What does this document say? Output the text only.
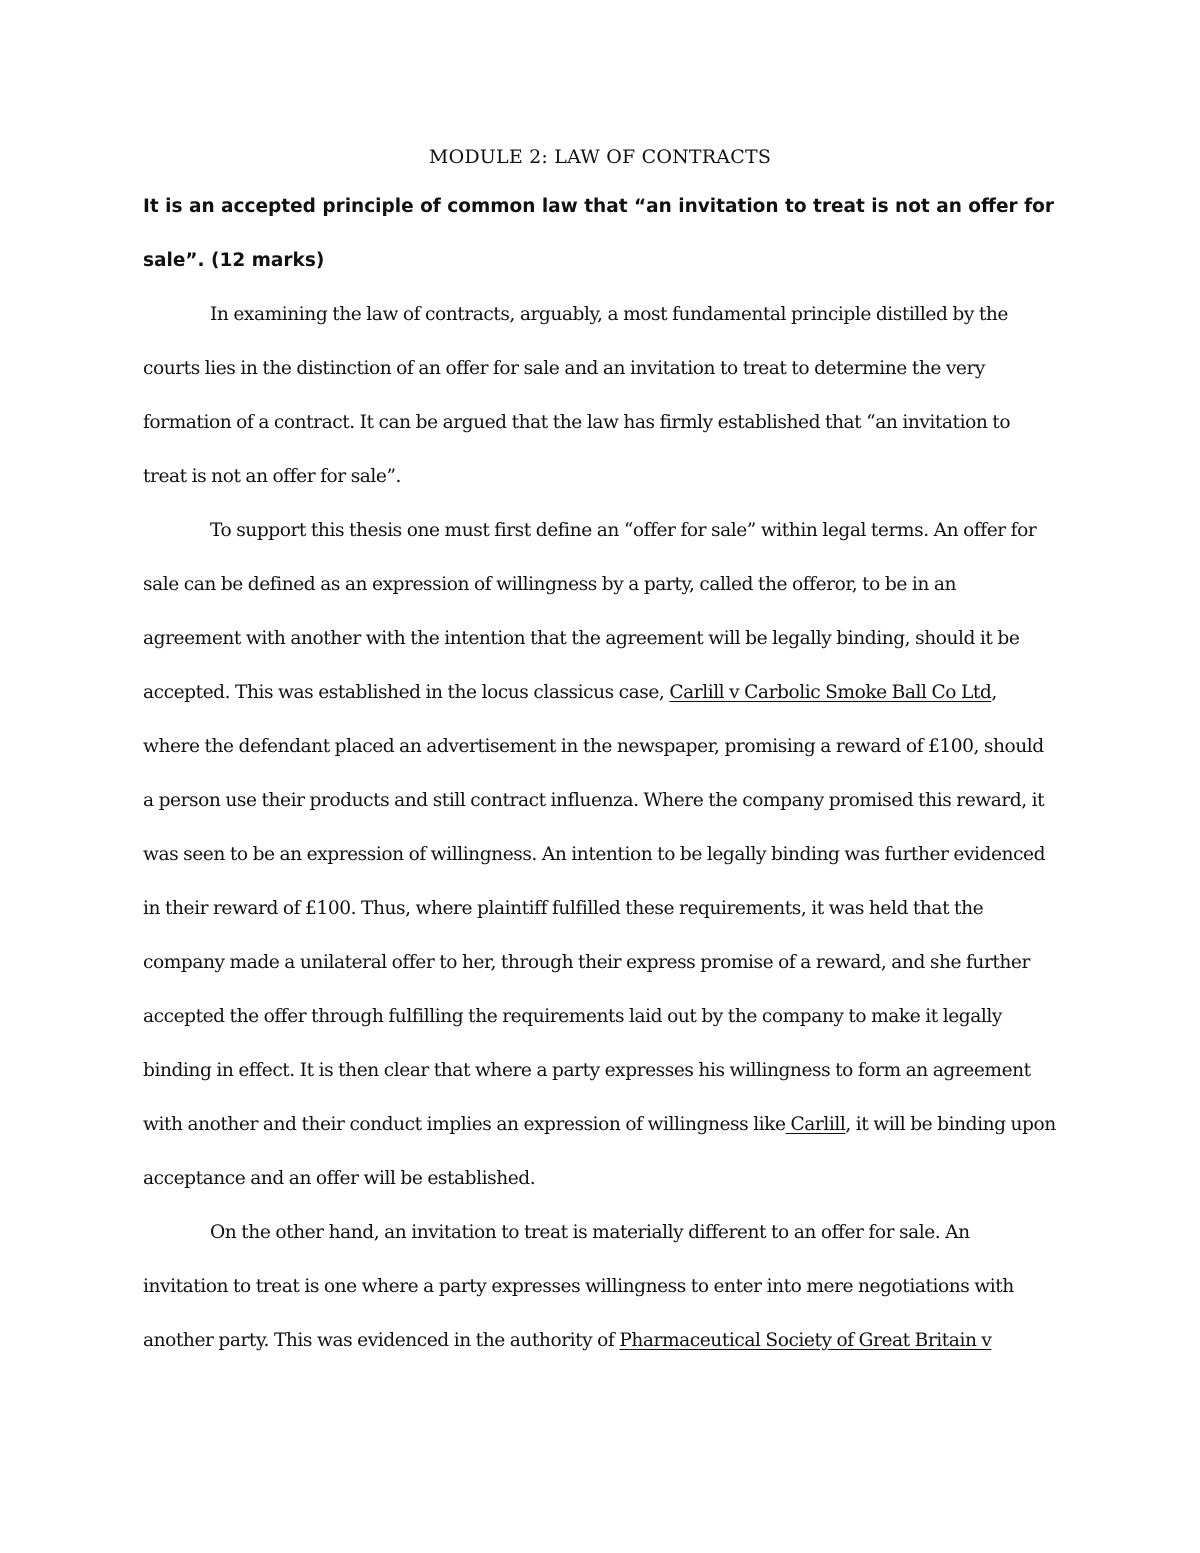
MODULE 2: LAW OF CONTRACTS

It is an accepted principle of common law that “an invitation to treat is not an offer for sale”. (12 marks)

In examining the law of contracts, arguably, a most fundamental principle distilled by the courts lies in the distinction of an offer for sale and an invitation to treat to determine the very formation of a contract. It can be argued that the law has firmly established that “an invitation to treat is not an offer for sale”.

To support this thesis one must first define an “offer for sale” within legal terms. An offer for sale can be defined as an expression of willingness by a party, called the offeror, to be in an agreement with another with the intention that the agreement will be legally binding, should it be accepted. This was established in the locus classicus case, Carlill v Carbolic Smoke Ball Co Ltd, where the defendant placed an advertisement in the newspaper, promising a reward of £100, should a person use their products and still contract influenza. Where the company promised this reward, it was seen to be an expression of willingness. An intention to be legally binding was further evidenced in their reward of £100. Thus, where plaintiff fulfilled these requirements, it was held that the company made a unilateral offer to her, through their express promise of a reward, and she further accepted the offer through fulfilling the requirements laid out by the company to make it legally binding in effect. It is then clear that where a party expresses his willingness to form an agreement with another and their conduct implies an expression of willingness like Carlill, it will be binding upon acceptance and an offer will be established.

On the other hand, an invitation to treat is materially different to an offer for sale. An invitation to treat is one where a party expresses willingness to enter into mere negotiations with another party. This was evidenced in the authority of Pharmaceutical Society of Great Britain v
